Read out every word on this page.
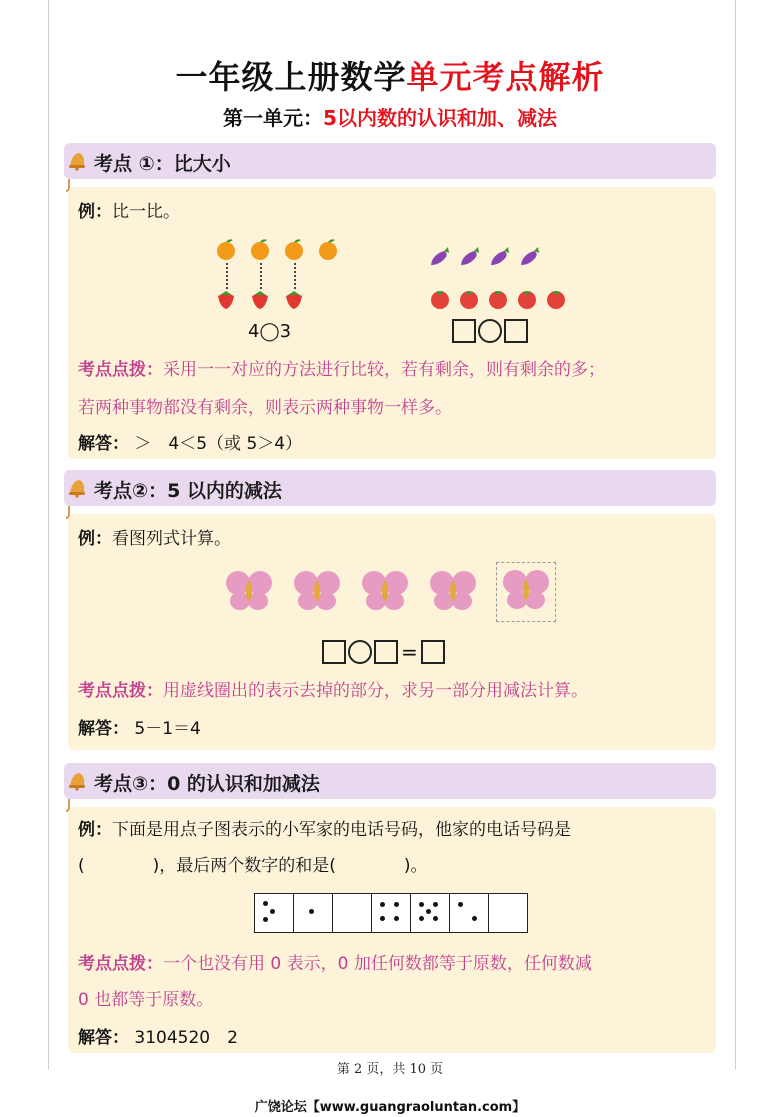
一年级上册数学单元考点解析
第一单元：5以内数的认识和加、减法
考点 ①：比大小
例：比一比。
4◯3
考点点拨：采用一一对应的方法进行比较，若有剩余，则有剩余的多；
若两种事物都没有剩余，则表示两种事物一样多。
解答： ＞　4＜5（或 5＞4）
考点②：5 以内的减法
例：看图列式计算。
=
考点点拨：用虚线圈出的表示去掉的部分，求另一部分用减法计算。
解答： 5－1＝4
考点③：0 的认识和加减法
例：下面是用点子图表示的小军家的电话号码，他家的电话号码是
(　　　　)，最后两个数字的和是(　　　　)。
考点点拨：一个也没有用 0 表示，0 加任何数都等于原数，任何数减
0 也都等于原数。
解答： 3104520　2
第 2 页，共 10 页
广饶论坛【www.guangraoluntan.com】
